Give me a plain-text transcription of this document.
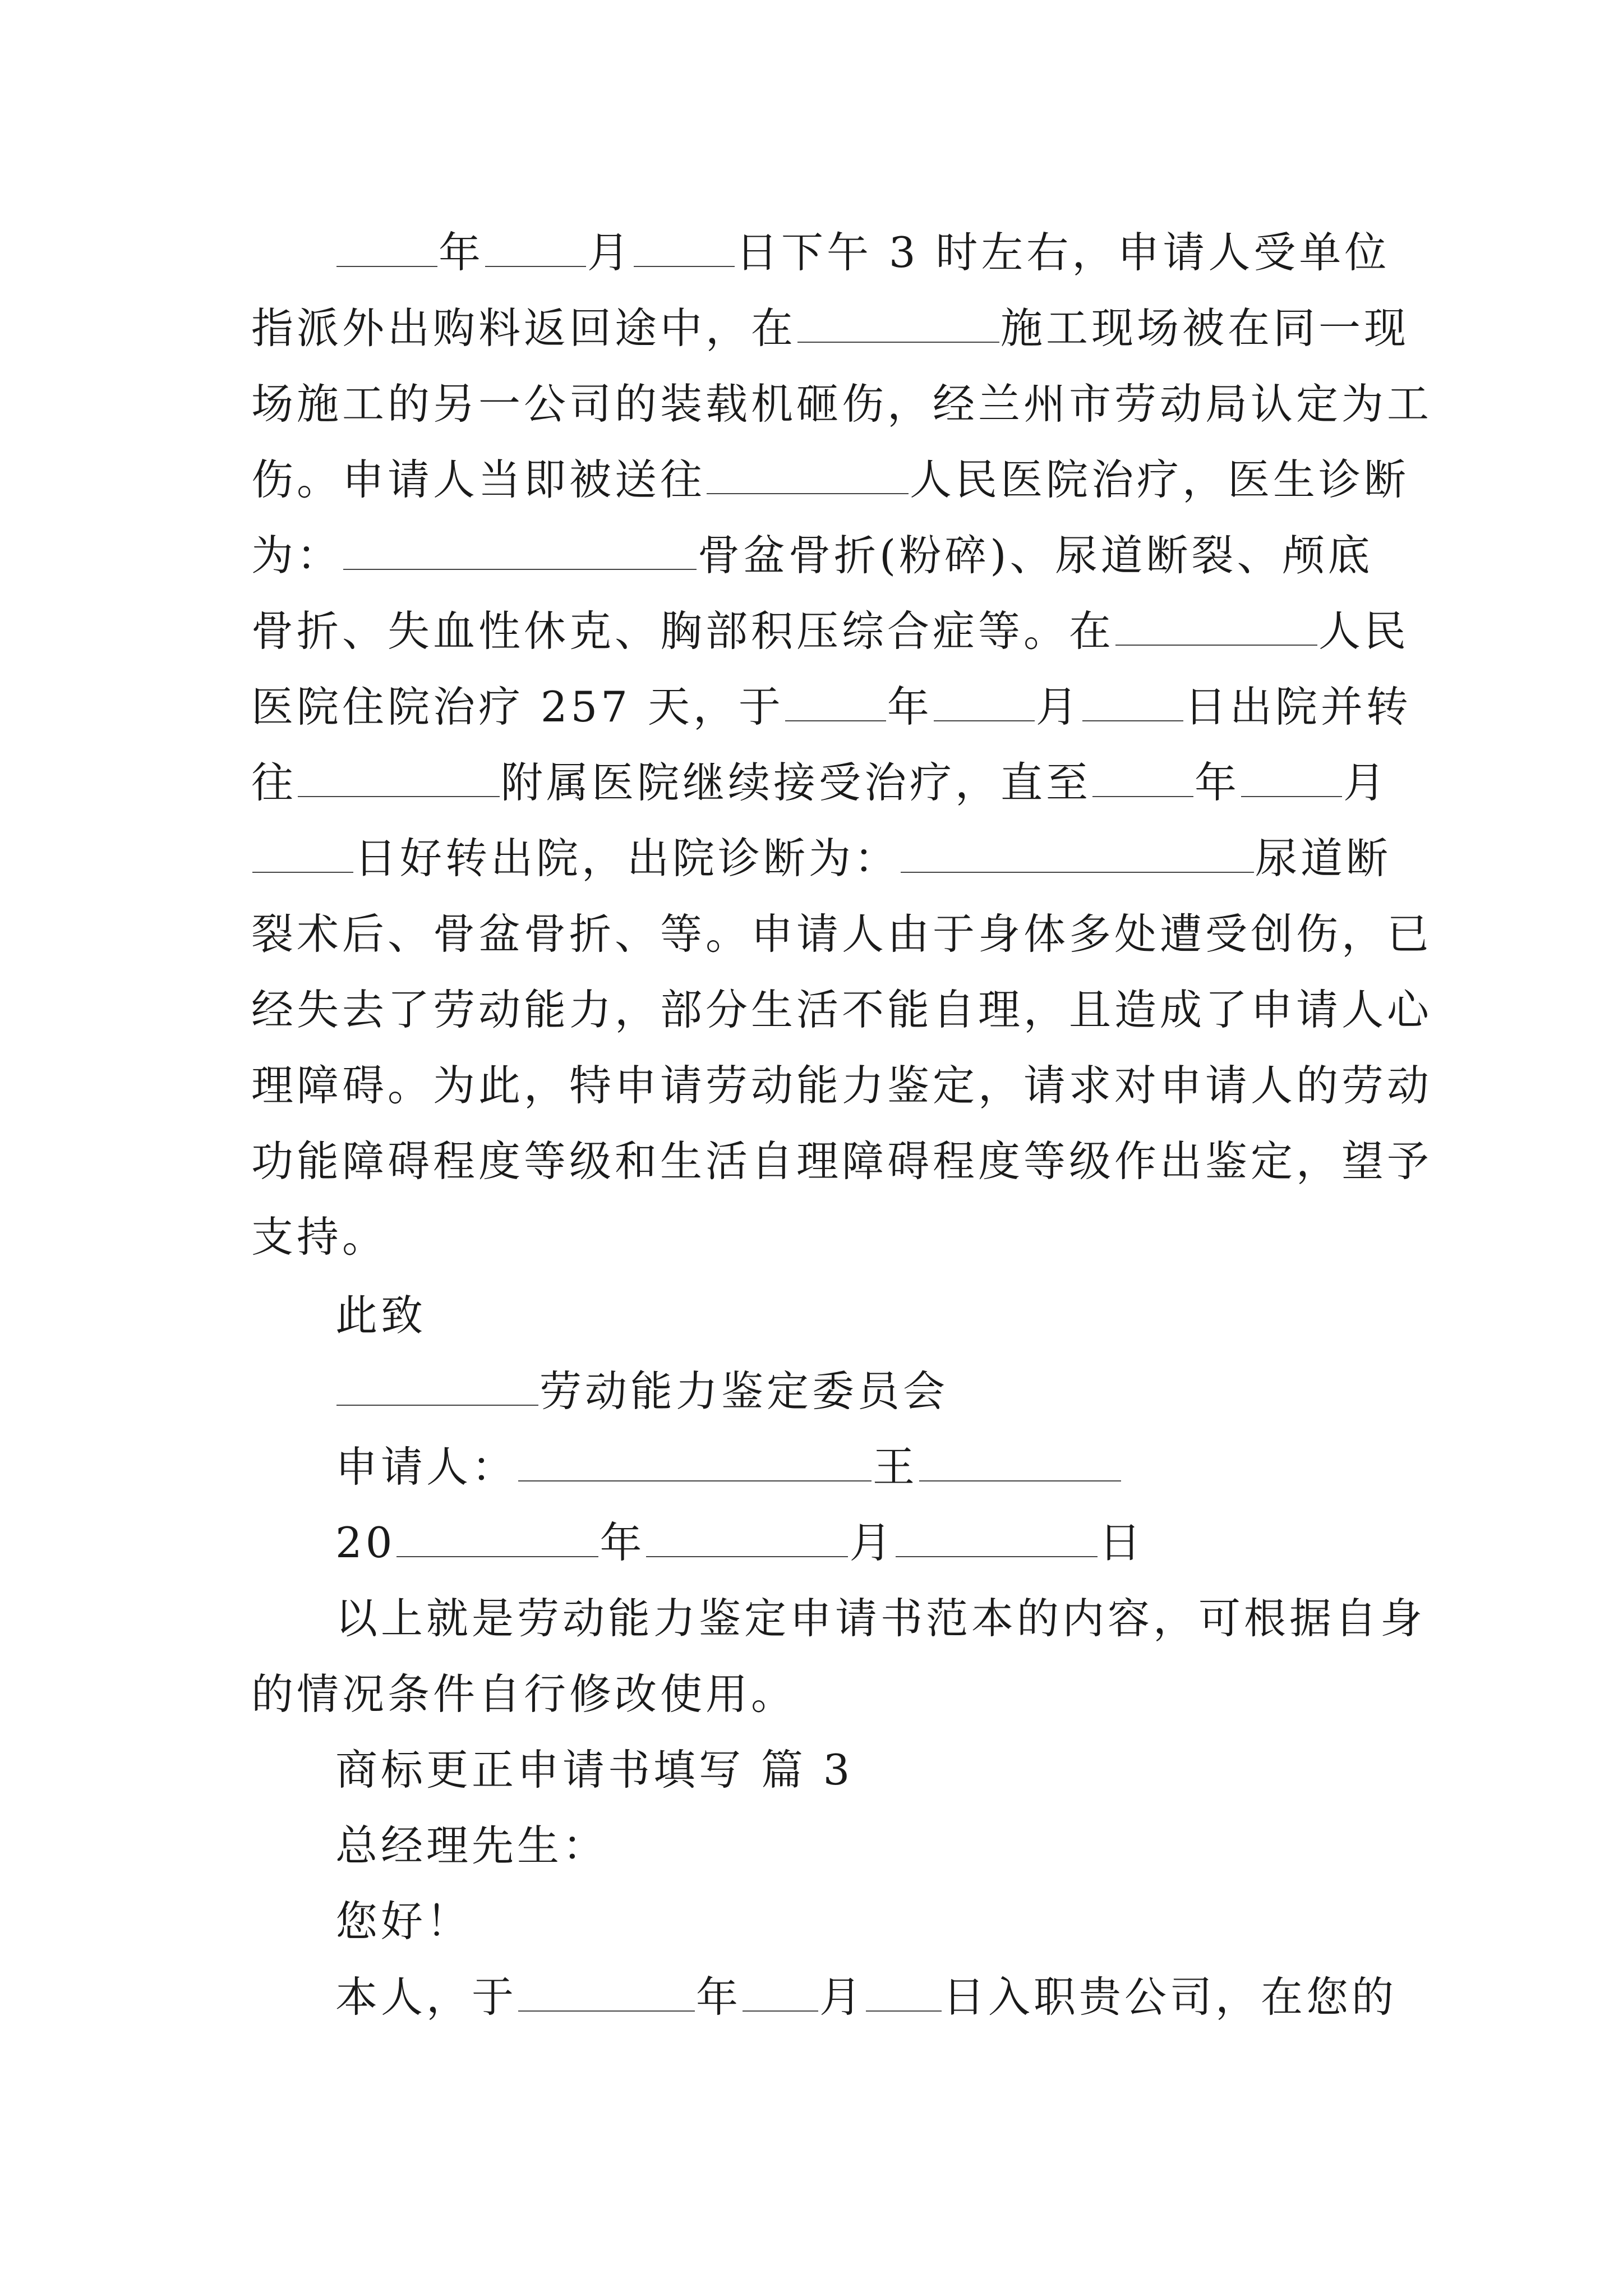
年 月 日下午 3 时左右，申请人受单位
指派外出购料返回途中，在	施工现场被在同一现
场施工的另一公司的装载机砸伤，经兰州市劳动局认定为工
伤。申请人当即被送往	人民医院治疗，医生诊断
为：	骨盆骨折(粉碎)、尿道断裂、颅底
骨折、失血性休克、胸部积压综合症等。在	人民
医院住院治疗 257 天，于 年 月 日出院并转
往	附属医院继续接受治疗，直至 年 月
日好转出院，出院诊断为：	尿道断
裂术后、骨盆骨折、等。申请人由于身体多处遭受创伤，已
经失去了劳动能力，部分生活不能自理，且造成了申请人心
理障碍。为此，特申请劳动能力鉴定，请求对申请人的劳动
功能障碍程度等级和生活自理障碍程度等级作出鉴定，望予
支持。
此致
劳动能力鉴定委员会
申请人：	王
20	年	月	日
以上就是劳动能力鉴定申请书范本的内容，可根据自身
的情况条件自行修改使用。
商标更正申请书填写 篇 3
总经理先生：
您好！
本人，于	年 月 日入职贵公司，在您的
